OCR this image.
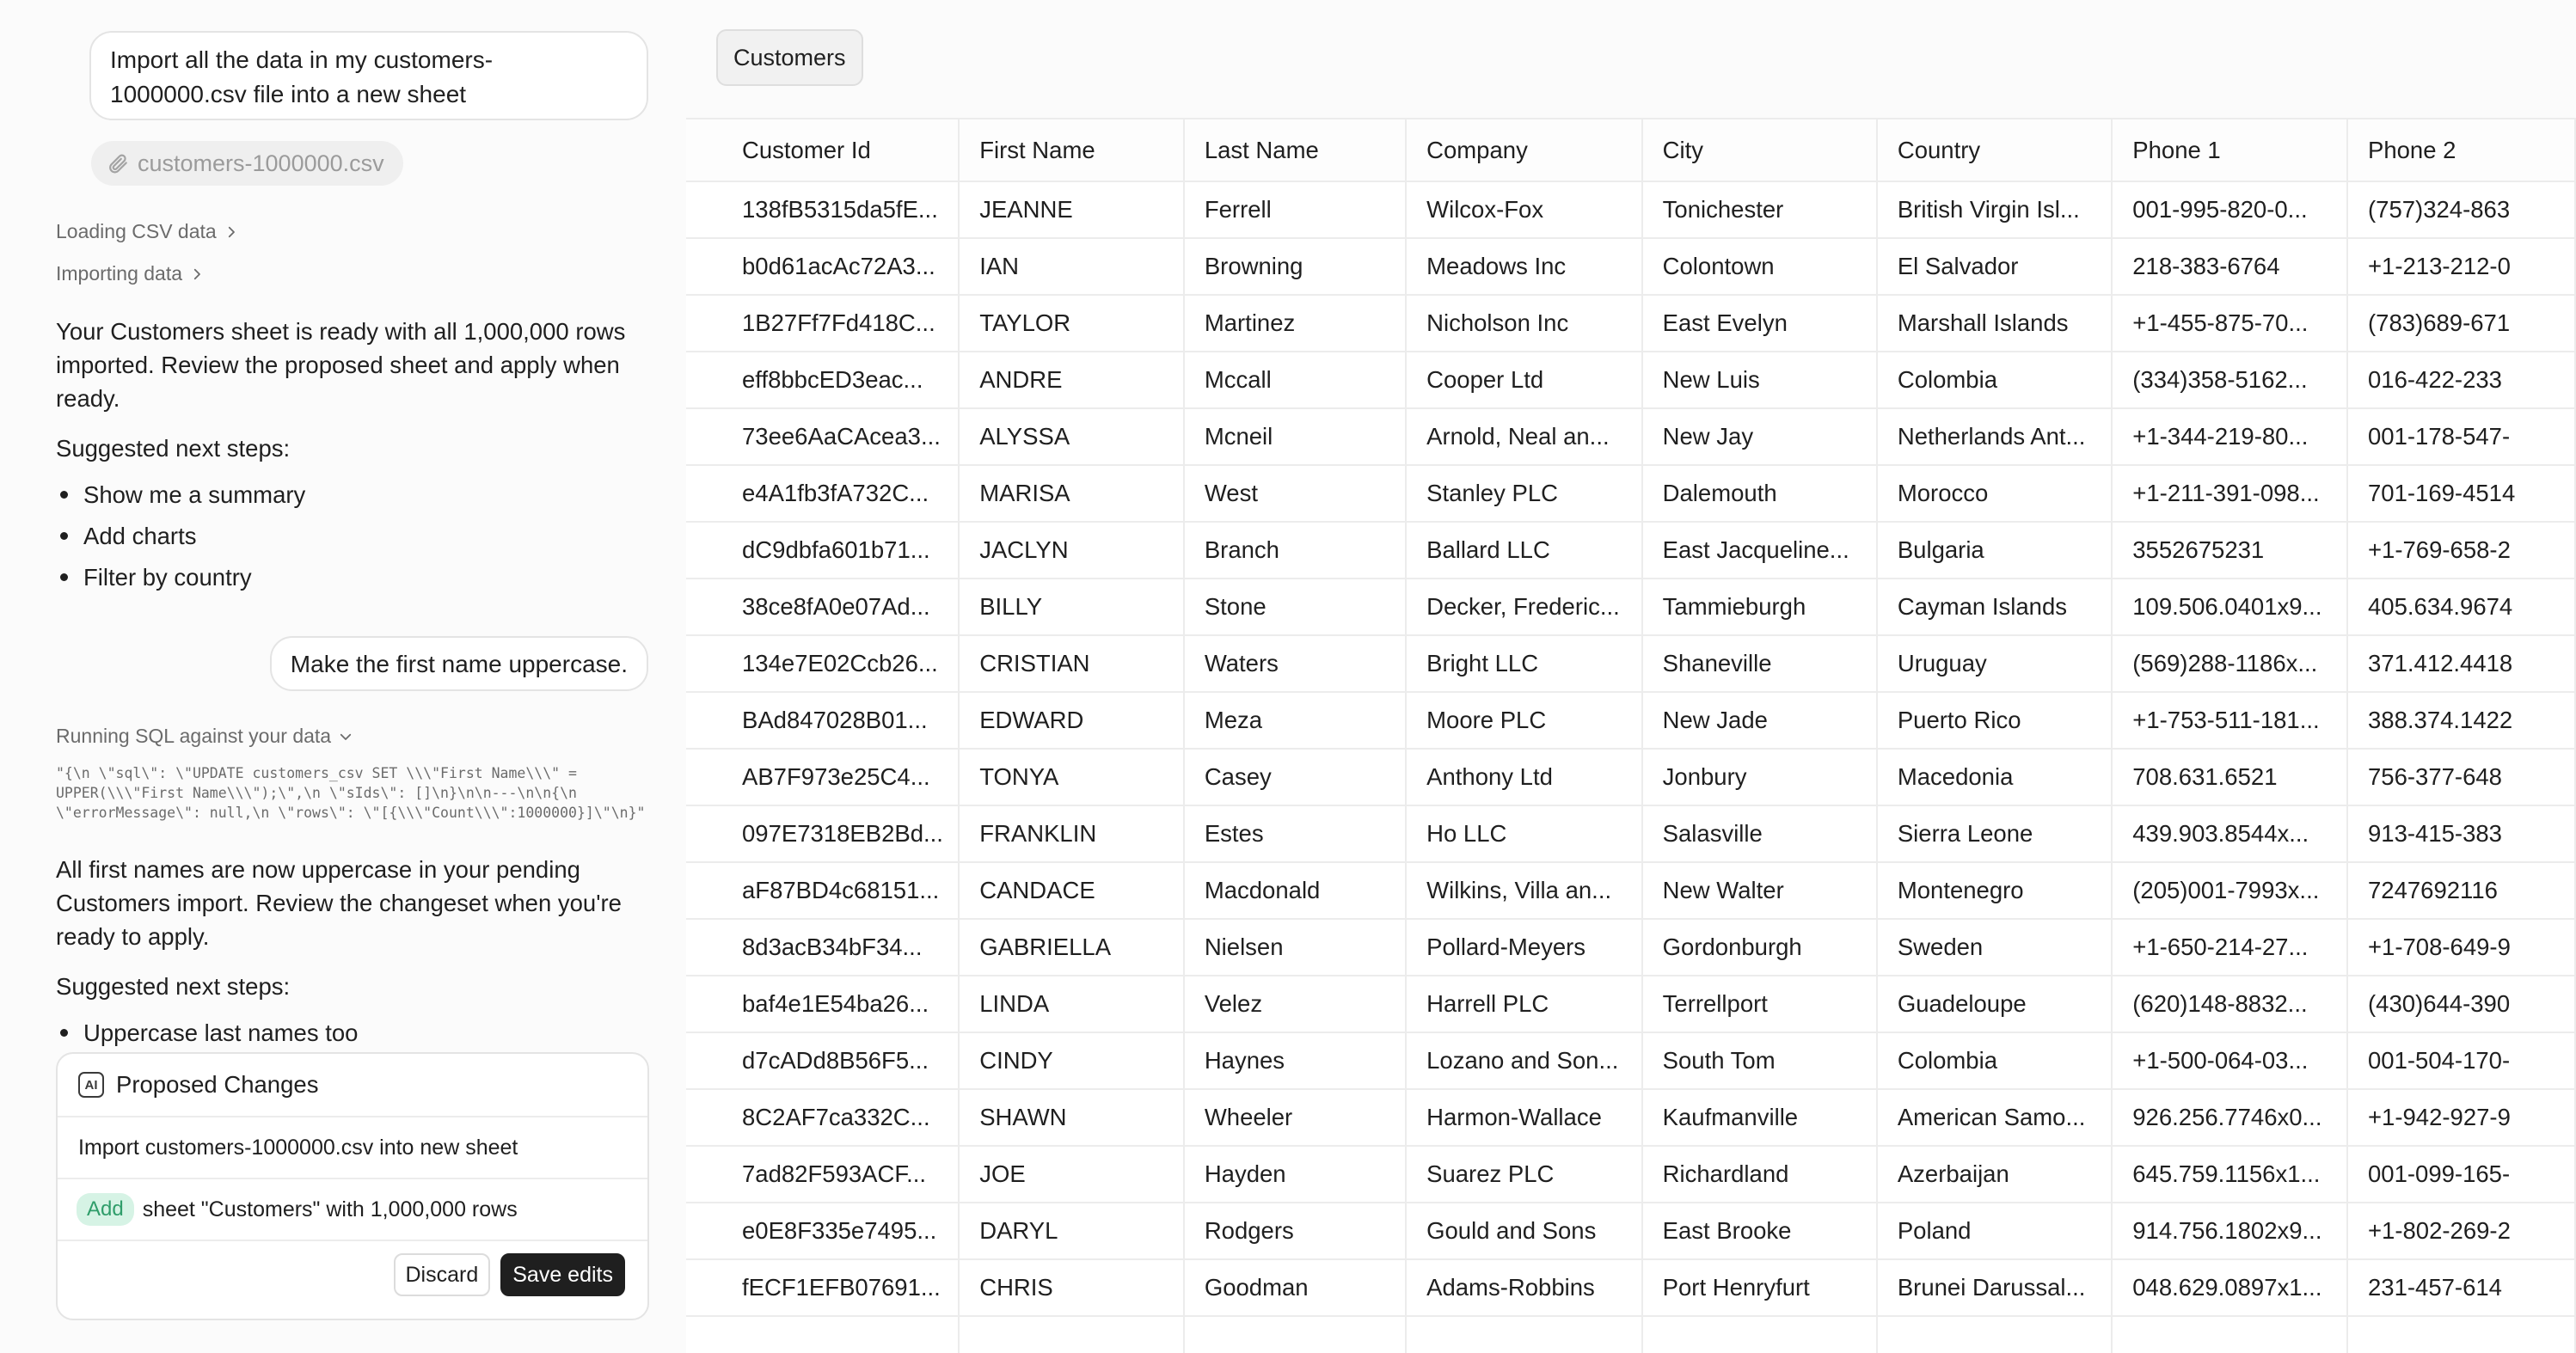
Import all the data in my customers-1000000.csv file into a new sheet
customers-1000000.csv
Loading CSV data
Importing data
Your Customers sheet is ready with all 1,000,000 rows imported. Review the proposed sheet and apply when ready.
Suggested next steps:
Show me a summary
Add charts
Filter by country
Make the first name uppercase.
Running SQL against your data
"{\n \"sql\": \"UPDATE customers_csv SET \\\"First Name\\\" =
UPPER(\\\"First Name\\\");\",\n \"sIds\": []\n}\n\n---\n\n{\n
\"errorMessage\": null,\n \"rows\": \"[{\\\"Count\\\":1000000}]\"\n}"
All first names are now uppercase in your pending Customers import. Review the changeset when you're ready to apply.
Suggested next steps:
Uppercase last names too
AI Proposed Changes
Import customers-1000000.csv into new sheet
Add sheet "Customers" with 1,000,000 rows
Discard	Save edits
Customers
Customer Id	First Name	Last Name	Company	City	Country	Phone 1	Phone 2
138fB5315da5fE...	JEANNE	Ferrell	Wilcox-Fox	Tonichester	British Virgin Isl...	001-995-820-0...	(757)324-863
b0d61acAc72A3...	IAN	Browning	Meadows Inc	Colontown	El Salvador	218-383-6764	+1-213-212-0
1B27Ff7Fd418C...	TAYLOR	Martinez	Nicholson Inc	East Evelyn	Marshall Islands	+1-455-875-70...	(783)689-671
eff8bbcED3eac...	ANDRE	Mccall	Cooper Ltd	New Luis	Colombia	(334)358-5162...	016-422-233
73ee6AaCAcea3...	ALYSSA	Mcneil	Arnold, Neal an...	New Jay	Netherlands Ant...	+1-344-219-80...	001-178-547-
e4A1fb3fA732C...	MARISA	West	Stanley PLC	Dalemouth	Morocco	+1-211-391-098...	701-169-4514
dC9dbfa601b71...	JACLYN	Branch	Ballard LLC	East Jacqueline...	Bulgaria	3552675231	+1-769-658-2
38ce8fA0e07Ad...	BILLY	Stone	Decker, Frederic...	Tammieburgh	Cayman Islands	109.506.0401x9...	405.634.9674
134e7E02Ccb26...	CRISTIAN	Waters	Bright LLC	Shaneville	Uruguay	(569)288-1186x...	371.412.4418
BAd847028B01...	EDWARD	Meza	Moore PLC	New Jade	Puerto Rico	+1-753-511-181...	388.374.1422
AB7F973e25C4...	TONYA	Casey	Anthony Ltd	Jonbury	Macedonia	708.631.6521	756-377-648
097E7318EB2Bd...	FRANKLIN	Estes	Ho LLC	Salasville	Sierra Leone	439.903.8544x...	913-415-383
aF87BD4c68151...	CANDACE	Macdonald	Wilkins, Villa an...	New Walter	Montenegro	(205)001-7993x...	7247692116
8d3acB34bF34...	GABRIELLA	Nielsen	Pollard-Meyers	Gordonburgh	Sweden	+1-650-214-27...	+1-708-649-9
baf4e1E54ba26...	LINDA	Velez	Harrell PLC	Terrellport	Guadeloupe	(620)148-8832...	(430)644-390
d7cADd8B56F5...	CINDY	Haynes	Lozano and Son...	South Tom	Colombia	+1-500-064-03...	001-504-170-
8C2AF7ca332C...	SHAWN	Wheeler	Harmon-Wallace	Kaufmanville	American Samo...	926.256.7746x0...	+1-942-927-9
7ad82F593ACF...	JOE	Hayden	Suarez PLC	Richardland	Azerbaijan	645.759.1156x1...	001-099-165-
e0E8F335e7495...	DARYL	Rodgers	Gould and Sons	East Brooke	Poland	914.756.1802x9...	+1-802-269-2
fECF1EFB07691...	CHRIS	Goodman	Adams-Robbins	Port Henryfurt	Brunei Darussal...	048.629.0897x1...	231-457-614
